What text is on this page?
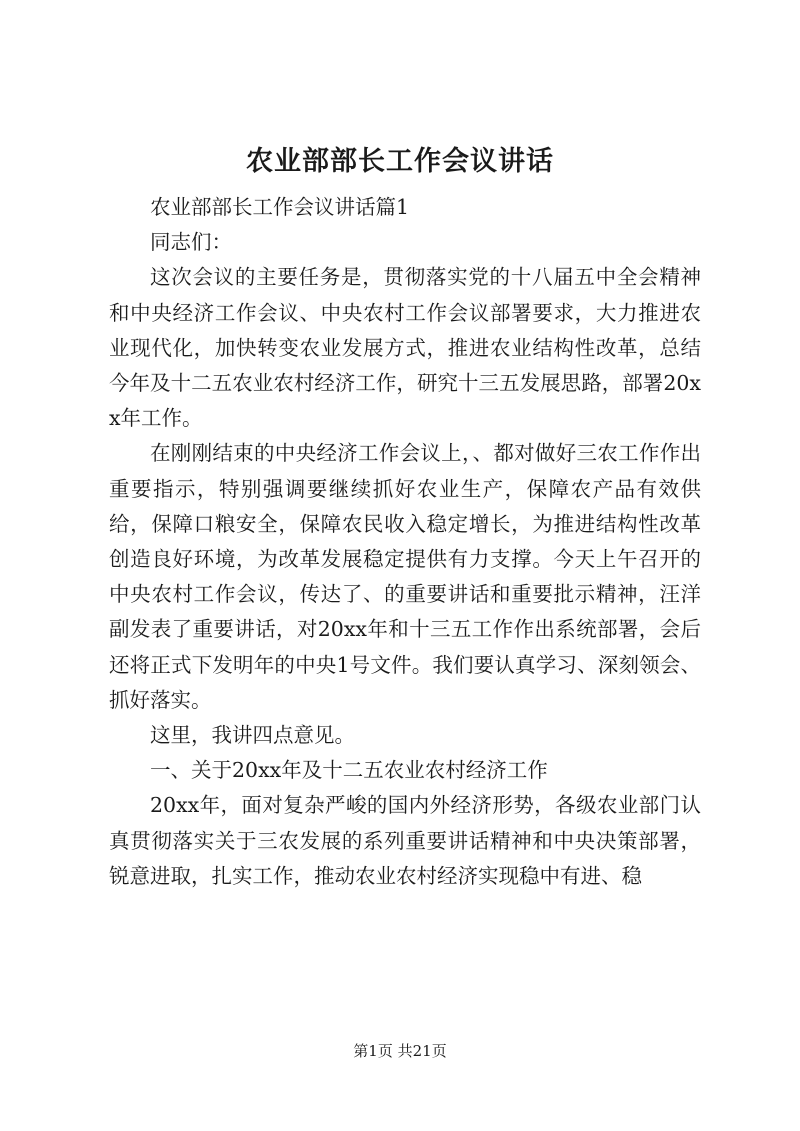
农业部部长工作会议讲话

农业部部长工作会议讲话篇1

同志们：

这次会议的主要任务是，贯彻落实党的十八届五中全会精神和中央经济工作会议、中央农村工作会议部署要求，大力推进农业现代化，加快转变农业发展方式，推进农业结构性改革，总结今年及十二五农业农村经济工作，研究十三五发展思路，部署20xx年工作。

在刚刚结束的中央经济工作会议上，、都对做好三农工作作出重要指示，特别强调要继续抓好农业生产，保障农产品有效供给，保障口粮安全，保障农民收入稳定增长，为推进结构性改革创造良好环境，为改革发展稳定提供有力支撑。今天上午召开的中央农村工作会议，传达了、的重要讲话和重要批示精神，汪洋副发表了重要讲话，对20xx年和十三五工作作出系统部署，会后还将正式下发明年的中央1号文件。我们要认真学习、深刻领会、抓好落实。

这里，我讲四点意见。

一、关于20xx年及十二五农业农村经济工作

20xx年，面对复杂严峻的国内外经济形势，各级农业部门认真贯彻落实关于三农发展的系列重要讲话精神和中央决策部署，锐意进取，扎实工作，推动农业农村经济实现稳中有进、稳

第1页 共21页
